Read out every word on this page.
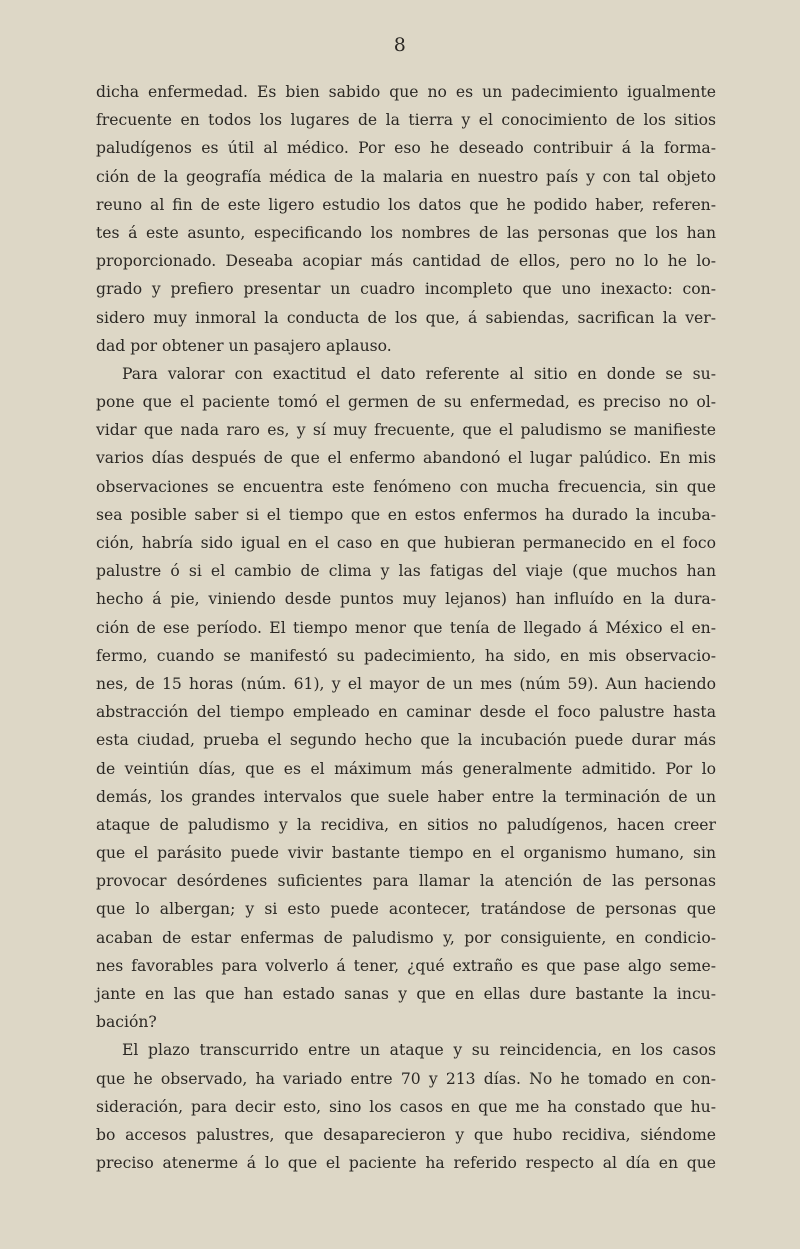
8
dicha enfermedad. Es bien sabido que no es un padecimiento igualmente
frecuente en todos los lugares de la tierra y el conocimiento de los sitios
paludígenos es útil al médico. Por eso he deseado contribuir á la forma-
ción de la geografía médica de la malaria en nuestro país y con tal objeto
reuno al fin de este ligero estudio los datos que he podido haber, referen-
tes á este asunto, especificando los nombres de las personas que los han
proporcionado. Deseaba acopiar más cantidad de ellos, pero no lo he lo-
grado y prefiero presentar un cuadro incompleto que uno inexacto: con-
sidero muy inmoral la conducta de los que, á sabiendas, sacrifican la ver-
dad por obtener un pasajero aplauso.
Para valorar con exactitud el dato referente al sitio en donde se su-
pone que el paciente tomó el germen de su enfermedad, es preciso no ol-
vidar que nada raro es, y sí muy frecuente, que el paludismo se manifieste
varios días después de que el enfermo abandonó el lugar palúdico. En mis
observaciones se encuentra este fenómeno con mucha frecuencia, sin que
sea posible saber si el tiempo que en estos enfermos ha durado la incuba-
ción, habría sido igual en el caso en que hubieran permanecido en el foco
palustre ó si el cambio de clima y las fatigas del viaje (que muchos han
hecho á pie, viniendo desde puntos muy lejanos) han influído en la dura-
ción de ese período. El tiempo menor que tenía de llegado á México el en-
fermo, cuando se manifestó su padecimiento, ha sido, en mis observacio-
nes, de 15 horas (núm. 61), y el mayor de un mes (núm 59). Aun haciendo
abstracción del tiempo empleado en caminar desde el foco palustre hasta
esta ciudad, prueba el segundo hecho que la incubación puede durar más
de veintiún días, que es el máximum más generalmente admitido. Por lo
demás, los grandes intervalos que suele haber entre la terminación de un
ataque de paludismo y la recidiva, en sitios no paludígenos, hacen creer
que el parásito puede vivir bastante tiempo en el organismo humano, sin
provocar desórdenes suficientes para llamar la atención de las personas
que lo albergan; y si esto puede acontecer, tratándose de personas que
acaban de estar enfermas de paludismo y, por consiguiente, en condicio-
nes favorables para volverlo á tener, ¿qué extraño es que pase algo seme-
jante en las que han estado sanas y que en ellas dure bastante la incu-
bación?
El plazo transcurrido entre un ataque y su reincidencia, en los casos
que he observado, ha variado entre 70 y 213 días. No he tomado en con-
sideración, para decir esto, sino los casos en que me ha constado que hu-
bo accesos palustres, que desaparecieron y que hubo recidiva, siéndome
preciso atenerme á lo que el paciente ha referido respecto al día en que
